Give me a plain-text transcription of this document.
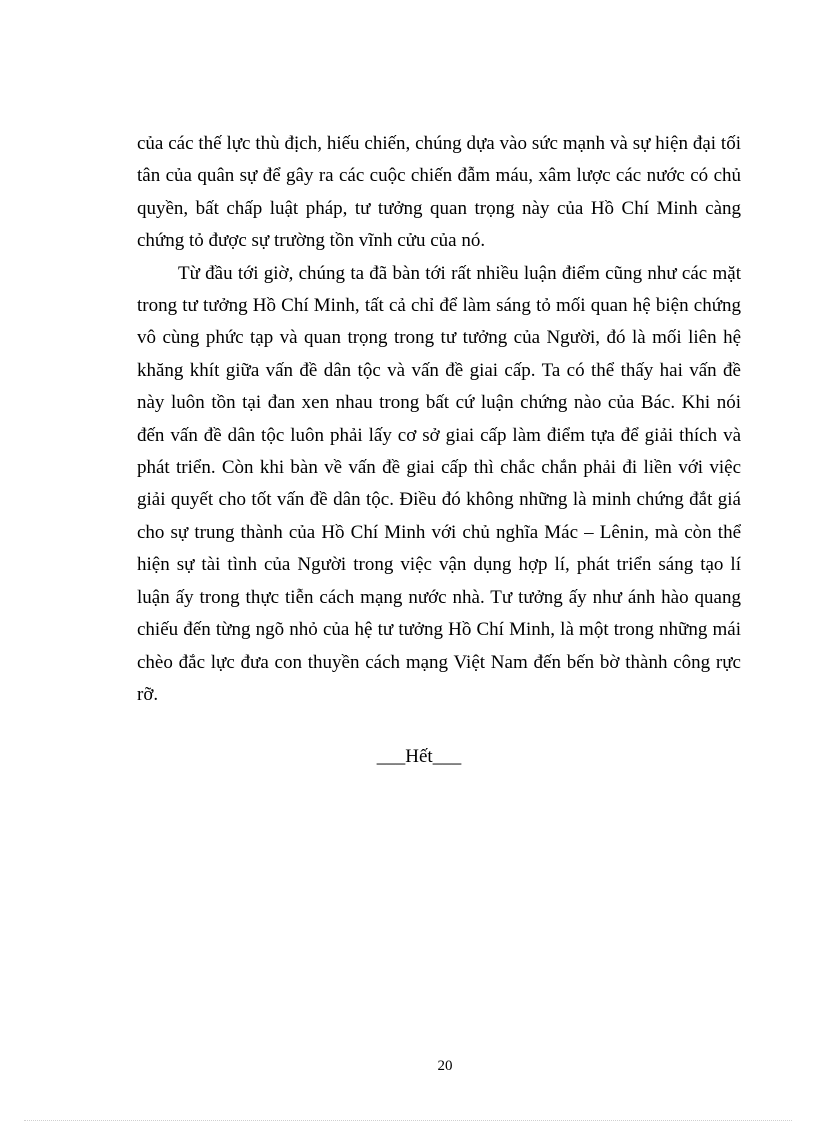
của các thế lực thù địch, hiếu chiến, chúng dựa vào sức mạnh và sự hiện đại tối tân của quân sự để gây ra các cuộc chiến đẫm máu, xâm lược các nước có chủ quyền, bất chấp luật pháp, tư tưởng quan trọng này của Hồ Chí Minh càng chứng tỏ được sự trường tồn vĩnh cửu của nó.

Từ đầu tới giờ, chúng ta đã bàn tới rất nhiều luận điểm cũng như các mặt trong tư tưởng Hồ Chí Minh, tất cả chỉ để làm sáng tỏ mối quan hệ biện chứng vô cùng phức tạp và quan trọng trong tư tưởng của Người, đó là mối liên hệ khăng khít giữa vấn đề dân tộc và vấn đề giai cấp. Ta có thể thấy hai vấn đề này luôn tồn tại đan xen nhau trong bất cứ luận chứng nào của Bác. Khi nói đến vấn đề dân tộc luôn phải lấy cơ sở giai cấp làm điểm tựa để giải thích và phát triển. Còn khi bàn về vấn đề giai cấp thì chắc chắn phải đi liền với việc giải quyết cho tốt vấn đề dân tộc. Điều đó không những là minh chứng đắt giá cho sự trung thành của Hồ Chí Minh với chủ nghĩa Mác – Lênin, mà còn thể hiện sự tài tình của Người trong việc vận dụng hợp lí, phát triển sáng tạo lí luận ấy trong thực tiễn cách mạng nước nhà. Tư tưởng ấy như ánh hào quang chiếu đến từng ngõ nhỏ của hệ tư tưởng Hồ Chí Minh, là một trong những mái chèo đắc lực đưa con thuyền cách mạng Việt Nam đến bến bờ thành công rực rỡ.

___Hết___
20
